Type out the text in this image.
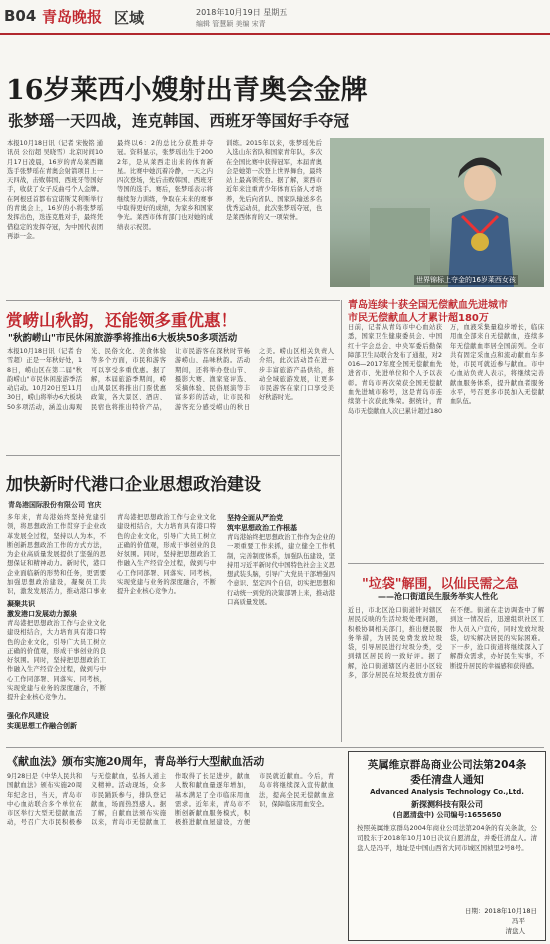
B04 青岛晚报 区域	2018年10月19日 星期五
编辑 管慧颖 美编 宋青
16岁莱西小嫂射出青奥会金牌
张梦瑶一天四战，连克韩国、西班牙等国好手夺冠
本报10月18日讯（记者 宋俊铭 通讯员 公衍超 吴晓雪）北京时间10月17日凌晨，16岁的青岛莱西籍选手张梦瑶在青奥会射箭项目上一天四战，击败韩国、西班牙等国好手，收获了女子反曲弓个人金牌。在阿根廷首都布宜诺斯艾利斯举行的青奥会上，16岁的小将张梦瑶发挥出色，迭连克胜对手，最终凭借稳定的发挥夺冠，为中国代表团再添一金。
最终以6：2的总比分获胜并夺冠。资料显示，张梦瑶出生于2002年，是从莱西走出来的体育新星。比赛中她沉着冷静，一天之内四次登场，先后击败韩国、西班牙等国的选手。赛后，张梦瑶表示将继续努力训练，争取在未来的赛事中取得更好的成绩，为家乡和国家争光。莱西市体育部门也对她的成绩表示祝贺。
训练。2015年以来，张梦瑶先后入选山东省队和国家青年队，多次在全国比赛中获得冠军，本届青奥会是她第一次登上世界舞台，最终站上最高领奖台。据了解，莱西市近年来注重青少年体育后备人才培养，先后向省队、国家队输送多名优秀运动员，此次张梦瑶夺冠，也是莱西体育的又一项荣誉。
世界锦标上夺金的16岁莱西女孩
赏崂山秋韵，还能领多重优惠！
"秋韵崂山"市民休闲旅游季将推出6大板块50多项活动
本报10月18日讯（记者 台雪超）正是一年秋好处，18日，崂山区在第二届"秋韵崂山"市民休闲旅游季活动启动。10月20日至11月30日，崂山将举办6大板块50多项活动，涵盖山海观光、民俗文化、美食体验等多个方面，市民和游客可以享受多重优惠。据了解，本届旅游季期间，崂山风景区将推出门票优惠政策，各大景区、酒店、民宿也将推出特价产品，让市民游客在深秋时节畅游崂山、品味秋韵。活动期间，还将举办登山节、摄影大赛、渔家宴评选、采摘体验、民俗展演等丰富多彩的活动，让市民和游客充分感受崂山的秋日之美。崂山区相关负责人介绍，此次活动旨在进一步丰富旅游产品供给，推动全域旅游发展，让更多市民游客在家门口享受美好秋游时光。
青岛连续十获全国无偿献血先进城市
市民无偿献血人才累计超180万
日前，记者从青岛市中心血站获悉，国家卫生健康委员会、中国红十字会总会、中央军委后勤保障部卫生局联合发布了通报，对2016—2017年度全国无偿献血先进省市、先进单位和个人予以表彰。青岛市再次荣获全国无偿献血先进城市称号，这是青岛市连续第十次获此殊荣。据统计，青岛市无偿献血人次已累计超过180万，血液采集量稳步增长，临床用血全部来自无偿献血，连续多年无偿献血率居全国前列。全市共有固定采血点和流动献血车多处，市民可就近参与献血。市中心血站负责人表示，将继续完善献血服务体系，提升献血者服务水平，号召更多市民加入无偿献血队伍。
加快新时代港口企业思想政治建设
青岛港国际股份有限公司 官庆
多年来，青岛港始终坚持党建引领，将思想政治工作贯穿于企业改革发展全过程，坚持以人为本，不断创新思想政治工作的方式方法，为企业高质量发展提供了坚强的思想保证和精神动力。新时代，港口企业面临新的形势和任务，更需要加强思想政治建设，凝聚员工共识，激发发展活力，推动港口事业
凝聚共识
激发港口发展动力源泉
青岛港把思想政治工作与企业文化建设相结合，大力培育具有港口特色的企业文化，引导广大员工树立正确的价值观，形成干事创业的良好氛围。同时，坚持把思想政治工作融入生产经营全过程，做到与中心工作同部署、同落实、同考核，实现党建与业务的深度融合，不断提升企业核心竞争力。
强化作风建设
实现思想工作融合创新
青岛港把思想政治工作与企业文化建设相结合，大力培育具有港口特色的企业文化，引导广大员工树立正确的价值观，形成干事创业的良好氛围。同时，坚持把思想政治工作融入生产经营全过程，做到与中心工作同部署、同落实、同考核，实现党建与业务的深度融合，不断提升企业核心竞争力。
坚持全面从严治党
筑牢思想政治工作根基
青岛港始终把思想政治工作作为企业的一项重要工作来抓，建立健全工作机制，完善制度体系，加强队伍建设，坚持用习近平新时代中国特色社会主义思想武装头脑，引导广大党员干部增强四个意识、坚定四个自信，切实把思想和行动统一到党的决策部署上来，推动港口高质量发展。
"垃袋"解围，以仙民需之急
——沧口街道民生服务举实人性化
近日，市北区沧口街道针对辖区居民反映的生活垃圾处理问题，积极协调相关部门，推出便民服务举措，为居民免费发放垃圾袋，引导居民进行垃圾分类，受到辖区居民的一致好评。据了解，沧口街道辖区内老旧小区较多，部分居民在垃圾投放方面存在不便。街道在走访调查中了解到这一情况后，迅速组织社区工作人员入户宣传，同时发放垃圾袋，切实解决居民的实际困难。下一步，沧口街道将继续深入了解群众需求，办好民生实事，不断提升居民的幸福感和获得感。
《献血法》颁布实施20周年，青岛举行大型献血活动
9月28日是《中华人民共和国献血法》颁布实施20周年纪念日，当天，青岛市中心血站联合多个单位在市区举行大型无偿献血活动，号召广大市民积极参与无偿献血，弘扬人道主义精神。活动现场，众多市民踊跃参与，排队登记献血，场面热烈感人。据了解，自献血法颁布实施以来，青岛市无偿献血工作取得了长足进步，献血人数和献血量逐年增加，基本满足了全市临床用血需求。近年来，青岛市不断创新献血服务模式，积极推进献血屋建设，方便市民就近献血。今后，青岛市将继续深入宣传献血法，提高全民无偿献血意识，保障临床用血安全。
英属维京群岛商业公司法第204条
委任清盘人通知
Advanced Analysis Technology Co.,Ltd.
新探测科技有限公司
(自愿清盘中) 公司编号:1655650
按照英属维京群岛2004年商业公司法第204条的有关条款，公司股东于2018年10月10日决议自愿清盘，并委任清盘人。清盘人是冯平，地址是中国山西省大同市城区国祯里2号8号。
日期：2018年10月18日
冯平
清盘人
